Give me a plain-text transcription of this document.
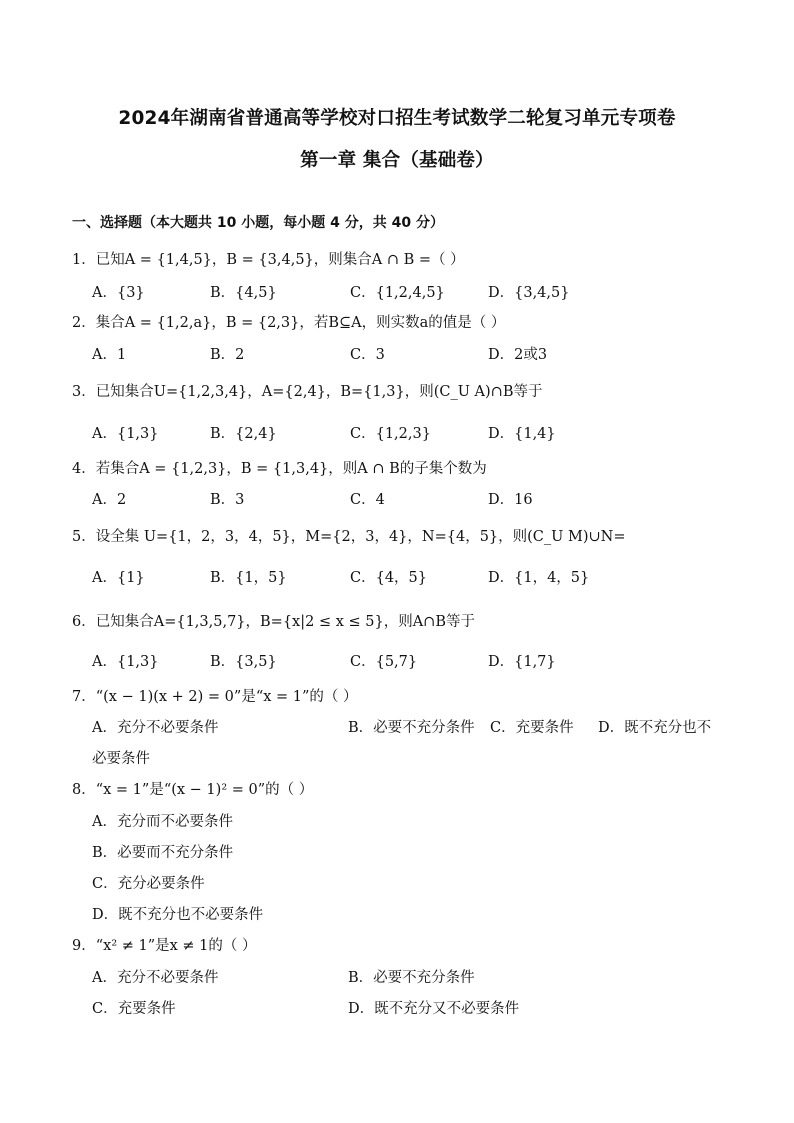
2024年湖南省普通高等学校对口招生考试数学二轮复习单元专项卷
第一章 集合（基础卷）
一、选择题（本大题共 10 小题，每小题 4 分，共 40 分）
1．已知A = {1,4,5}，B = {3,4,5}，则集合A ∩ B =（ ）
A．{3}	B．{4,5}	C．{1,2,4,5}	D．{3,4,5}
2．集合A = {1,2,a}，B = {2,3}，若B⊆A，则实数a的值是（ ）
A．1	B．2	C．3	D．2或3
3．已知集合U={1,2,3,4}，A={2,4}，B={1,3}，则(C_U A)∩B等于
A．{1,3}	B．{2,4}	C．{1,2,3}	D．{1,4}
4．若集合A = {1,2,3}，B = {1,3,4}，则A ∩ B的子集个数为
A．2	B．3	C．4	D．16
5．设全集 U={1，2，3，4，5}，M={2，3，4}，N={4，5}，则(C_U M)∪N=
A．{1}	B．{1，5}	C．{4，5}	D．{1，4，5}
6．已知集合A={1,3,5,7}，B={x|2 ≤ x ≤ 5}，则A∩B等于
A．{1,3}	B．{3,5}	C．{5,7}	D．{1,7}
7．“(x − 1)(x + 2) = 0”是“x = 1”的（ ）
A．充分不必要条件	B．必要不充分条件 C．充要条件 D．既不充分也不
必要条件
8．“x = 1”是“(x − 1)² = 0”的（ ）
A．充分而不必要条件
B．必要而不充分条件
C．充分必要条件
D．既不充分也不必要条件
9．“x² ≠ 1”是x ≠ 1的（ ）
A．充分不必要条件	B．必要不充分条件
C．充要条件	D．既不充分又不必要条件
